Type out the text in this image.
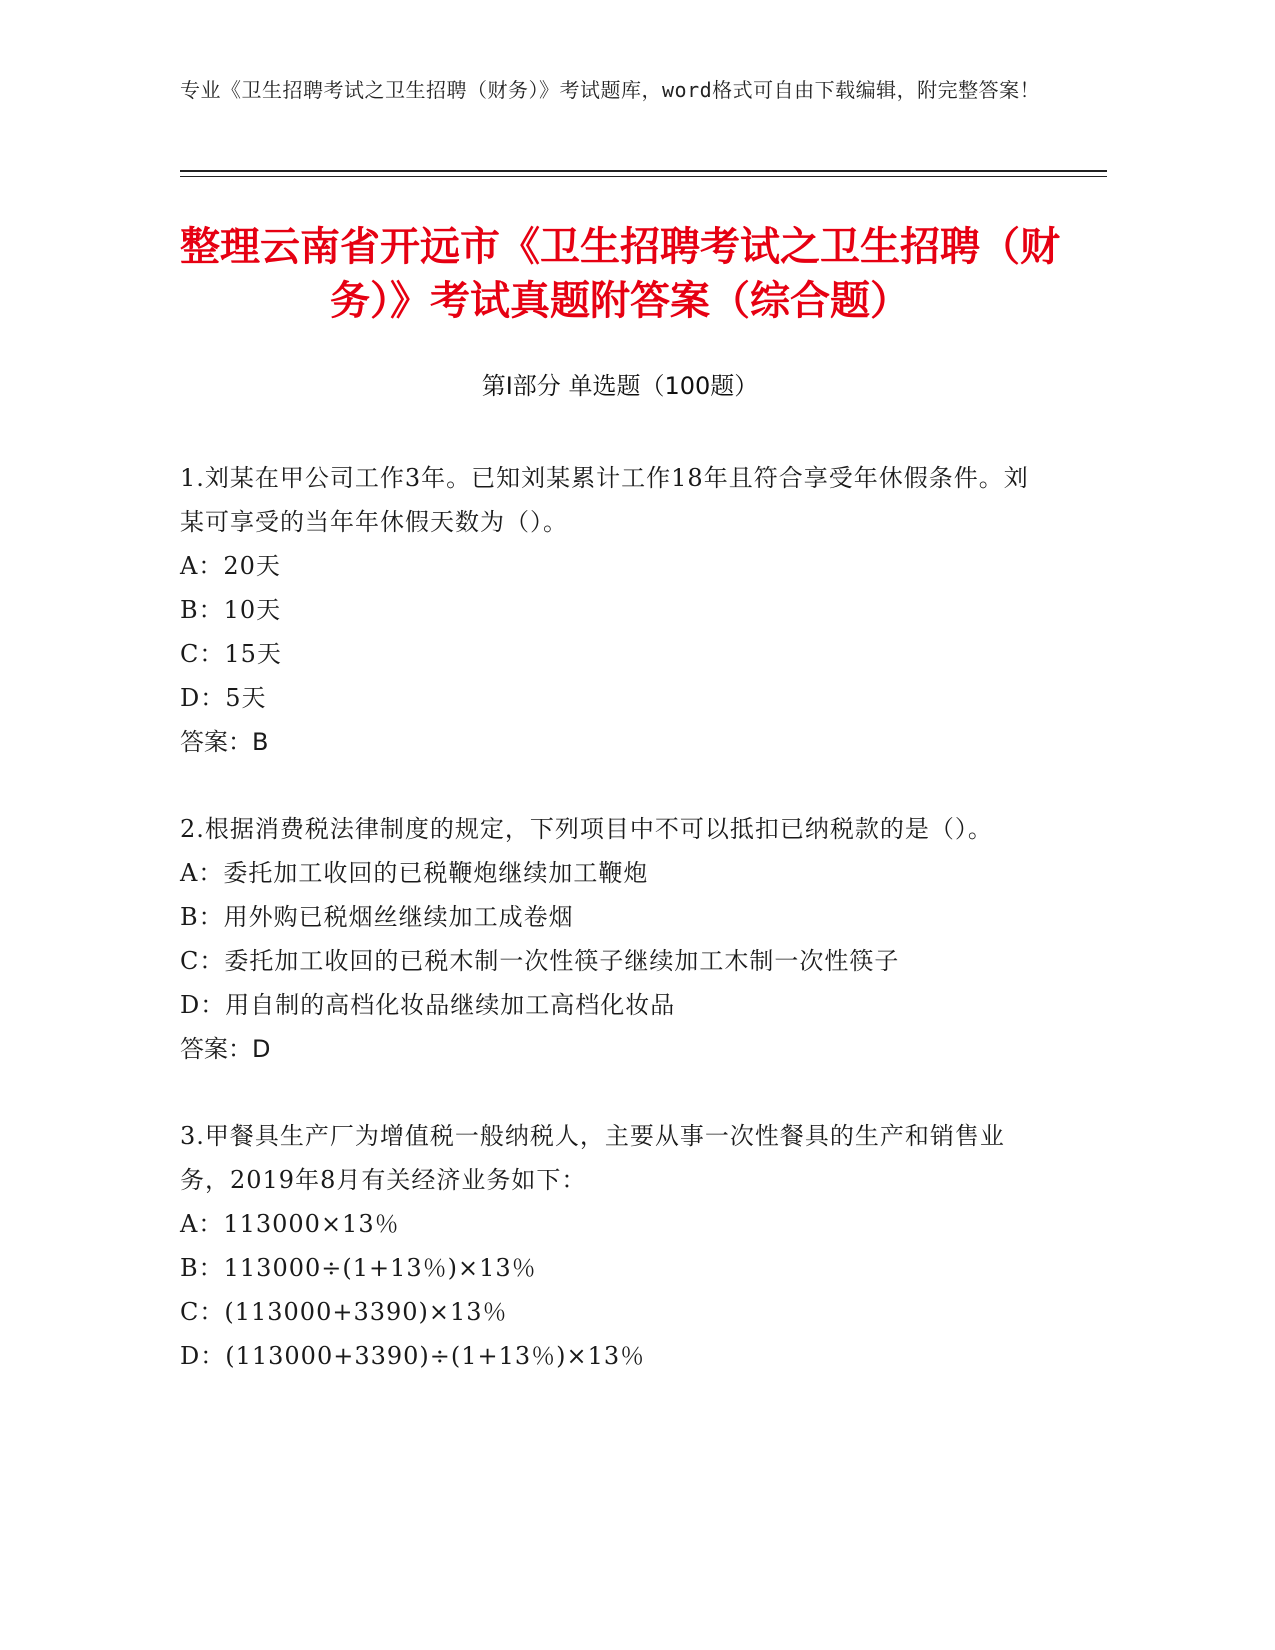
专业《卫生招聘考试之卫生招聘（财务）》考试题库，word格式可自由下载编辑，附完整答案！
整理云南省开远市《卫生招聘考试之卫生招聘（财务）》考试真题附答案（综合题）
第Ⅰ部分 单选题（100题）

1.刘某在甲公司工作3年。已知刘某累计工作18年且符合享受年休假条件。刘某可享受的当年年休假天数为（）。

A：20天

B：10天

C：15天

D：5天

答案：B

2.根据消费税法律制度的规定，下列项目中不可以抵扣已纳税款的是（）。

A：委托加工收回的已税鞭炮继续加工鞭炮

B：用外购已税烟丝继续加工成卷烟

C：委托加工收回的已税木制一次性筷子继续加工木制一次性筷子

D：用自制的高档化妆品继续加工高档化妆品

答案：D

3.甲餐具生产厂为增值税一般纳税人，主要从事一次性餐具的生产和销售业务，2019年8月有关经济业务如下：

A：113000×13％

B：113000÷(1+13％)×13％

C：(113000+3390)×13％

D：(113000+3390)÷(1+13％)×13％
